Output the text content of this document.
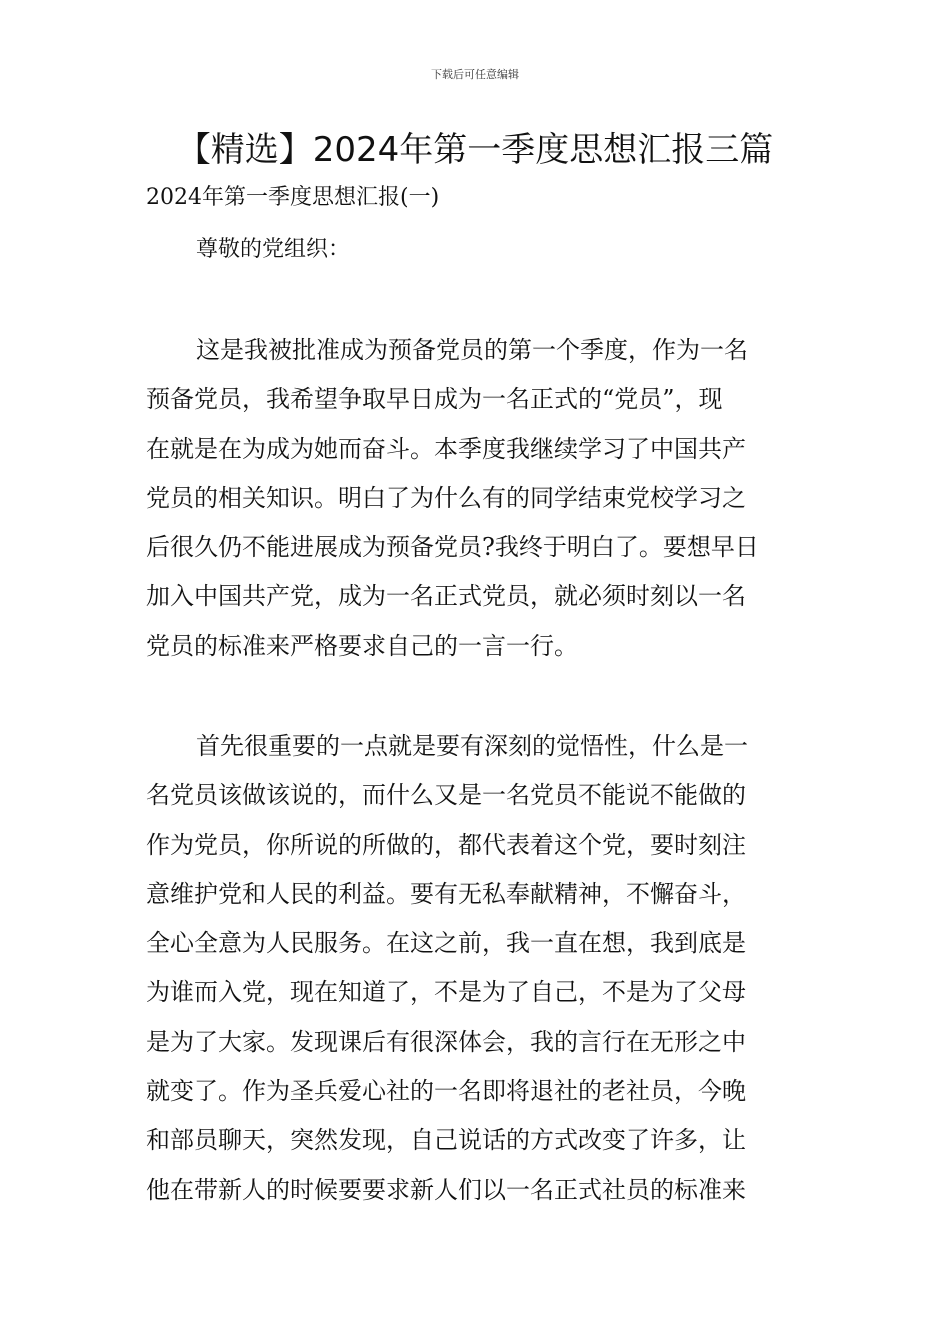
下载后可任意编辑
【精选】2024年第一季度思想汇报三篇
2024年第一季度思想汇报(一)
尊敬的党组织：
这是我被批准成为预备党员的第一个季度，作为一名
预备党员，我希望争取早日成为一名正式的“党员”，现
在就是在为成为她而奋斗。本季度我继续学习了中国共产
党员的相关知识。明白了为什么有的同学结束党校学习之
后很久仍不能进展成为预备党员?我终于明白了。要想早日
加入中国共产党，成为一名正式党员，就必须时刻以一名
党员的标准来严格要求自己的一言一行。
首先很重要的一点就是要有深刻的觉悟性，什么是一
名党员该做该说的，而什么又是一名党员不能说不能做的
作为党员，你所说的所做的，都代表着这个党，要时刻注
意维护党和人民的利益。要有无私奉献精神，不懈奋斗，
全心全意为人民服务。在这之前，我一直在想，我到底是
为谁而入党，现在知道了，不是为了自己，不是为了父母
是为了大家。发现课后有很深体会，我的言行在无形之中
就变了。作为圣兵爱心社的一名即将退社的老社员，今晚
和部员聊天，突然发现，自己说话的方式改变了许多，让
他在带新人的时候要要求新人们以一名正式社员的标准来
